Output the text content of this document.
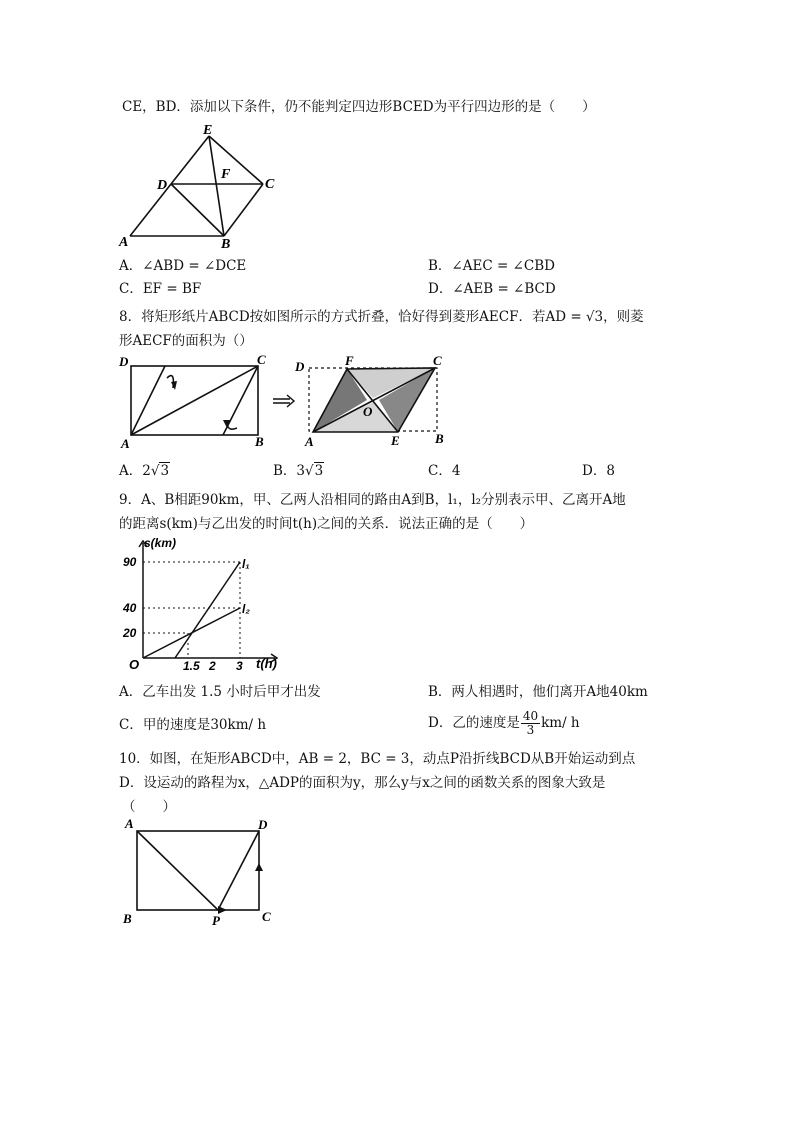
CE，BD．添加以下条件，仍不能判定四边形BCED为平行四边形的是（　　）
E
D
F
C
A	B
A．∠ABD = ∠DCE	B．∠AEC = ∠CBD
C．EF = BF	D．∠AEB = ∠BCD
8．将矩形纸片ABCD按如图所示的方式折叠，恰好得到菱形AECF．若AD = √3，则菱
形AECF的面积为（）
D	C
A	B
F	C
O
E
D
A	B
A．2√3	B．3√3	C．4	D．8
9．A、B相距90km，甲、乙两人沿相同的路由A到B，l₁，l₂分别表示甲、乙离开A地
的距离s(km)与乙出发的时间t(h)之间的关系．说法正确的是（　　）
s(km)
t(h)
O
90
40
20
1.5 2 3
l₁
l₂
A．乙车出发 1.5 小时后甲才出发	B．两人相遇时，他们离开A地40km
C．甲的速度是30km/ h	D．乙的速度是 $\frac{40}{3} km/$ h
10．如图，在矩形ABCD中，AB = 2，BC = 3，动点P沿折线BCD从B开始运动到点
D．设运动的路程为x，△ADP的面积为y，那么y与x之间的函数关系的图象大致是
（　　）
A	D
B	P	C
